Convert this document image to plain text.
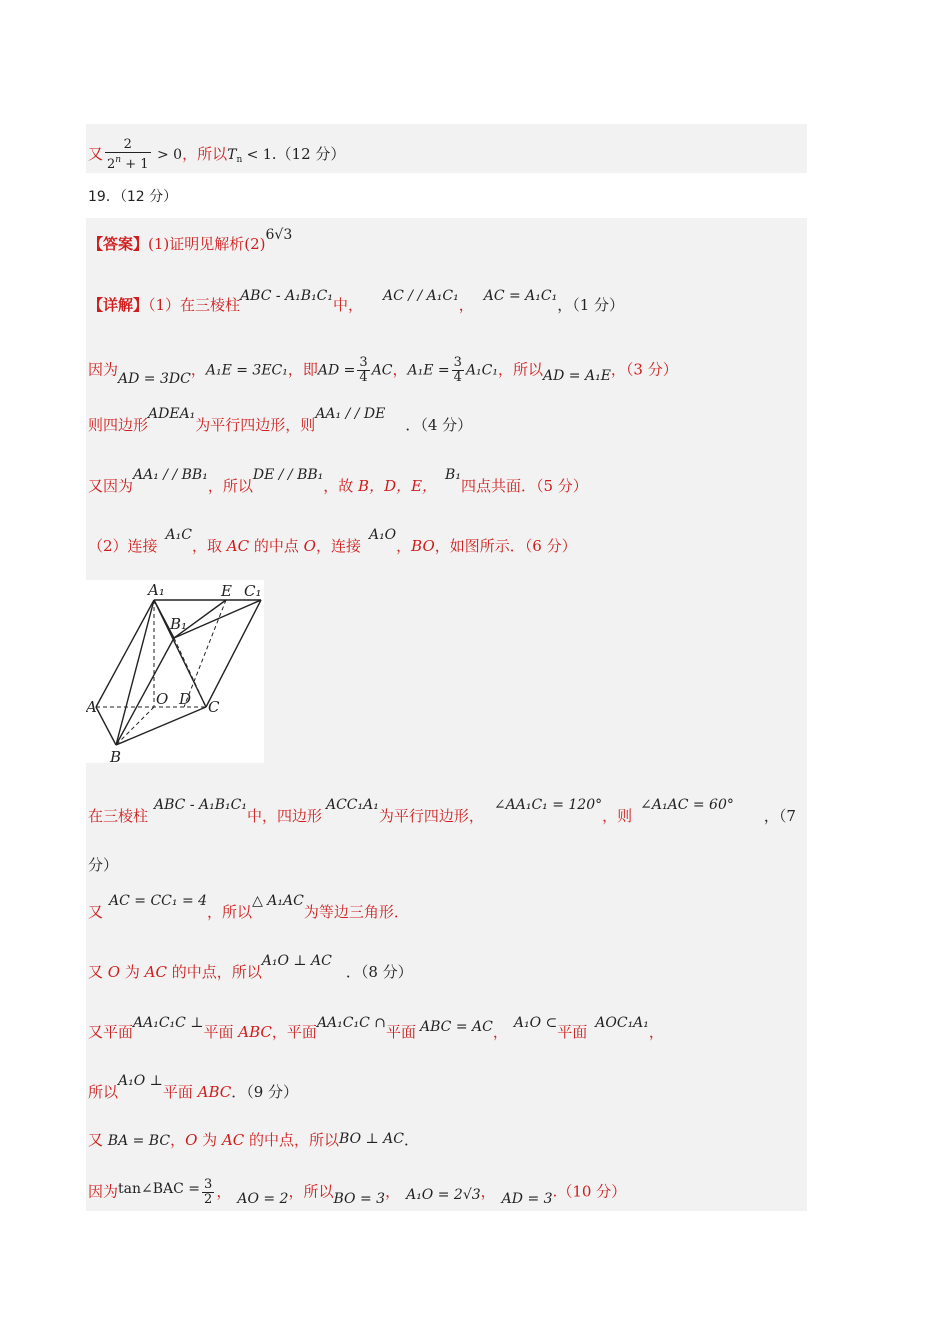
又 $\frac{2}{2^n + 1} > 0$，所以$T_n < 1.(12$ 分）
19．（12 分）
【答案】(1)证明见解析(2)6√3
【详解】（1）在三棱柱ABC - A₁B₁C₁中， AC / / A₁C₁， AC = A₁C₁，（1 分）
因为AD = 3DC，A₁E = 3EC₁，即AD = $\frac{3}{4}$ AC，$A_1E = \frac{3}{4} A_1C_1$，所以AD = A₁E，（3 分）
则四边形ADEA₁为平行四边形，则AA₁ / / DE．（4 分）
又因为AA₁ / / BB₁，所以DE / / BB₁，故 B，D，E，B₁四点共面．（5 分）
（2）连接A₁C，取 AC 的中点 O，连接A₁O，BO，如图所示．（6 分）
A₁	E C₁
B₁
A	O D C
B
在三棱柱ABC - A₁B₁C₁中，四边形ACC₁A₁为平行四边形，∠AA₁C₁ = 120°，则∠A₁AC = 60°，（7
分）
又AC = CC₁ = 4，所以△ A₁AC为等边三角形．
又 O 为 AC 的中点，所以A₁O ⊥ AC．（8 分）
又平面AA₁C₁C ⊥平面 ABC，平面AA₁C₁C ∩平面 ABC = AC， A₁O ⊂平面 AOC₁A₁，
所以A₁O ⊥平面 ABC．（9 分）
又 BA = BC，O 为 AC 的中点，所以BO ⊥ AC．
因为tan∠BAC = $\frac{3}{2}$ ， AO = 2，所以BO = 3， A₁O = 2√3， AD = 3.（10 分）
